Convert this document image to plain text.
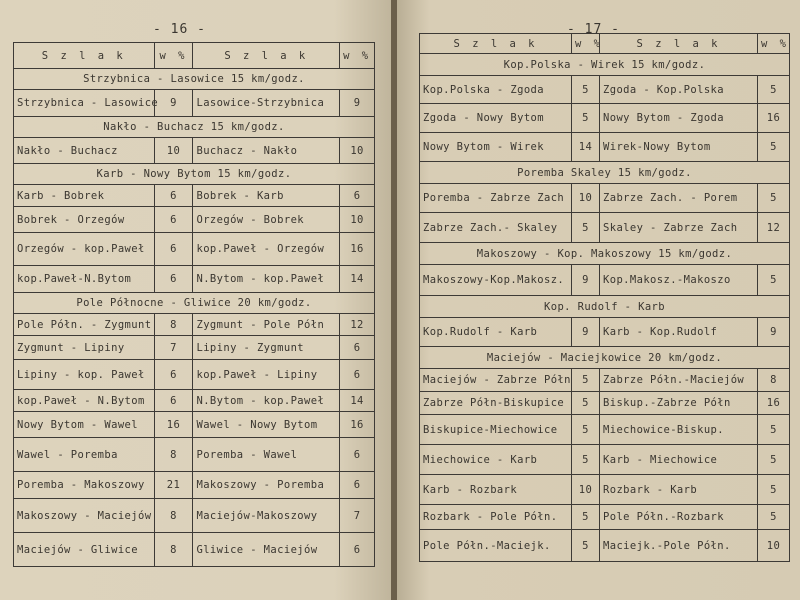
- 16 -
S z l a k	w %	S z l a k	w %
Strzybnica - Lasowice 15 km/godz.			
Strzybnica - Lasowice	9	Lasowice-Strzybnica	9
Nakło - Buchacz 15 km/godz.			
Nakło - Buchacz	10	Buchacz - Nakło	10
Karb - Nowy Bytom 15 km/godz.			
Karb - Bobrek	6	Bobrek - Karb	6
Bobrek - Orzegów	6	Orzegów - Bobrek	10
Orzegów - kop.Paweł	6	kop.Paweł - Orzegów	16
kop.Paweł-N.Bytom	6	N.Bytom - kop.Paweł	14
Pole Północne - Gliwice 20 km/godz.			
Pole Półn. - Zygmunt	8	Zygmunt - Pole Półn	12
Zygmunt - Lipiny	7	Lipiny - Zygmunt	6
Lipiny - kop. Paweł	6	kop.Paweł - Lipiny	6
kop.Paweł - N.Bytom	6	N.Bytom - kop.Paweł	14
Nowy Bytom - Wawel	16	Wawel - Nowy Bytom	16
Wawel - Poremba	8	Poremba - Wawel	6
Poremba - Makoszowy	21	Makoszowy - Poremba	6
Makoszowy - Maciejów	8	Maciejów-Makoszowy	7
Maciejów - Gliwice	8	Gliwice - Maciejów	6
- 17 -
S z l a k	w %	S z l a k	w %
Kop.Polska - Wirek 15 km/godz.			
Kop.Polska - Zgoda	5	Zgoda - Kop.Polska	5
Zgoda - Nowy Bytom	5	Nowy Bytom - Zgoda	16
Nowy Bytom - Wirek	14	Wirek-Nowy Bytom	5
Poremba Skaley 15 km/godz.			
Poremba - Zabrze Zach	10	Zabrze Zach. - Porem	5
Zabrze Zach.- Skaley	5	Skaley - Zabrze Zach	12
Makoszowy - Kop. Makoszowy 15 km/godz.			
Makoszowy-Kop.Makosz.	9	Kop.Makosz.-Makoszo	5
Kop. Rudolf - Karb			
Kop.Rudolf - Karb	9	Karb - Kop.Rudolf	9
Maciejów - Maciejkowice 20 km/godz.			
Maciejów - Zabrze Półn	5	Zabrze Półn.-Maciejów	8
Zabrze Półn-Biskupice	5	Biskup.-Zabrze Półn	16
Biskupice-Miechowice	5	Miechowice-Biskup.	5
Miechowice - Karb	5	Karb - Miechowice	5
Karb - Rozbark	10	Rozbark - Karb	5
Rozbark - Pole Półn.	5	Pole Półn.-Rozbark	5
Pole Półn.-Maciejk.	5	Maciejk.-Pole Półn.	10
